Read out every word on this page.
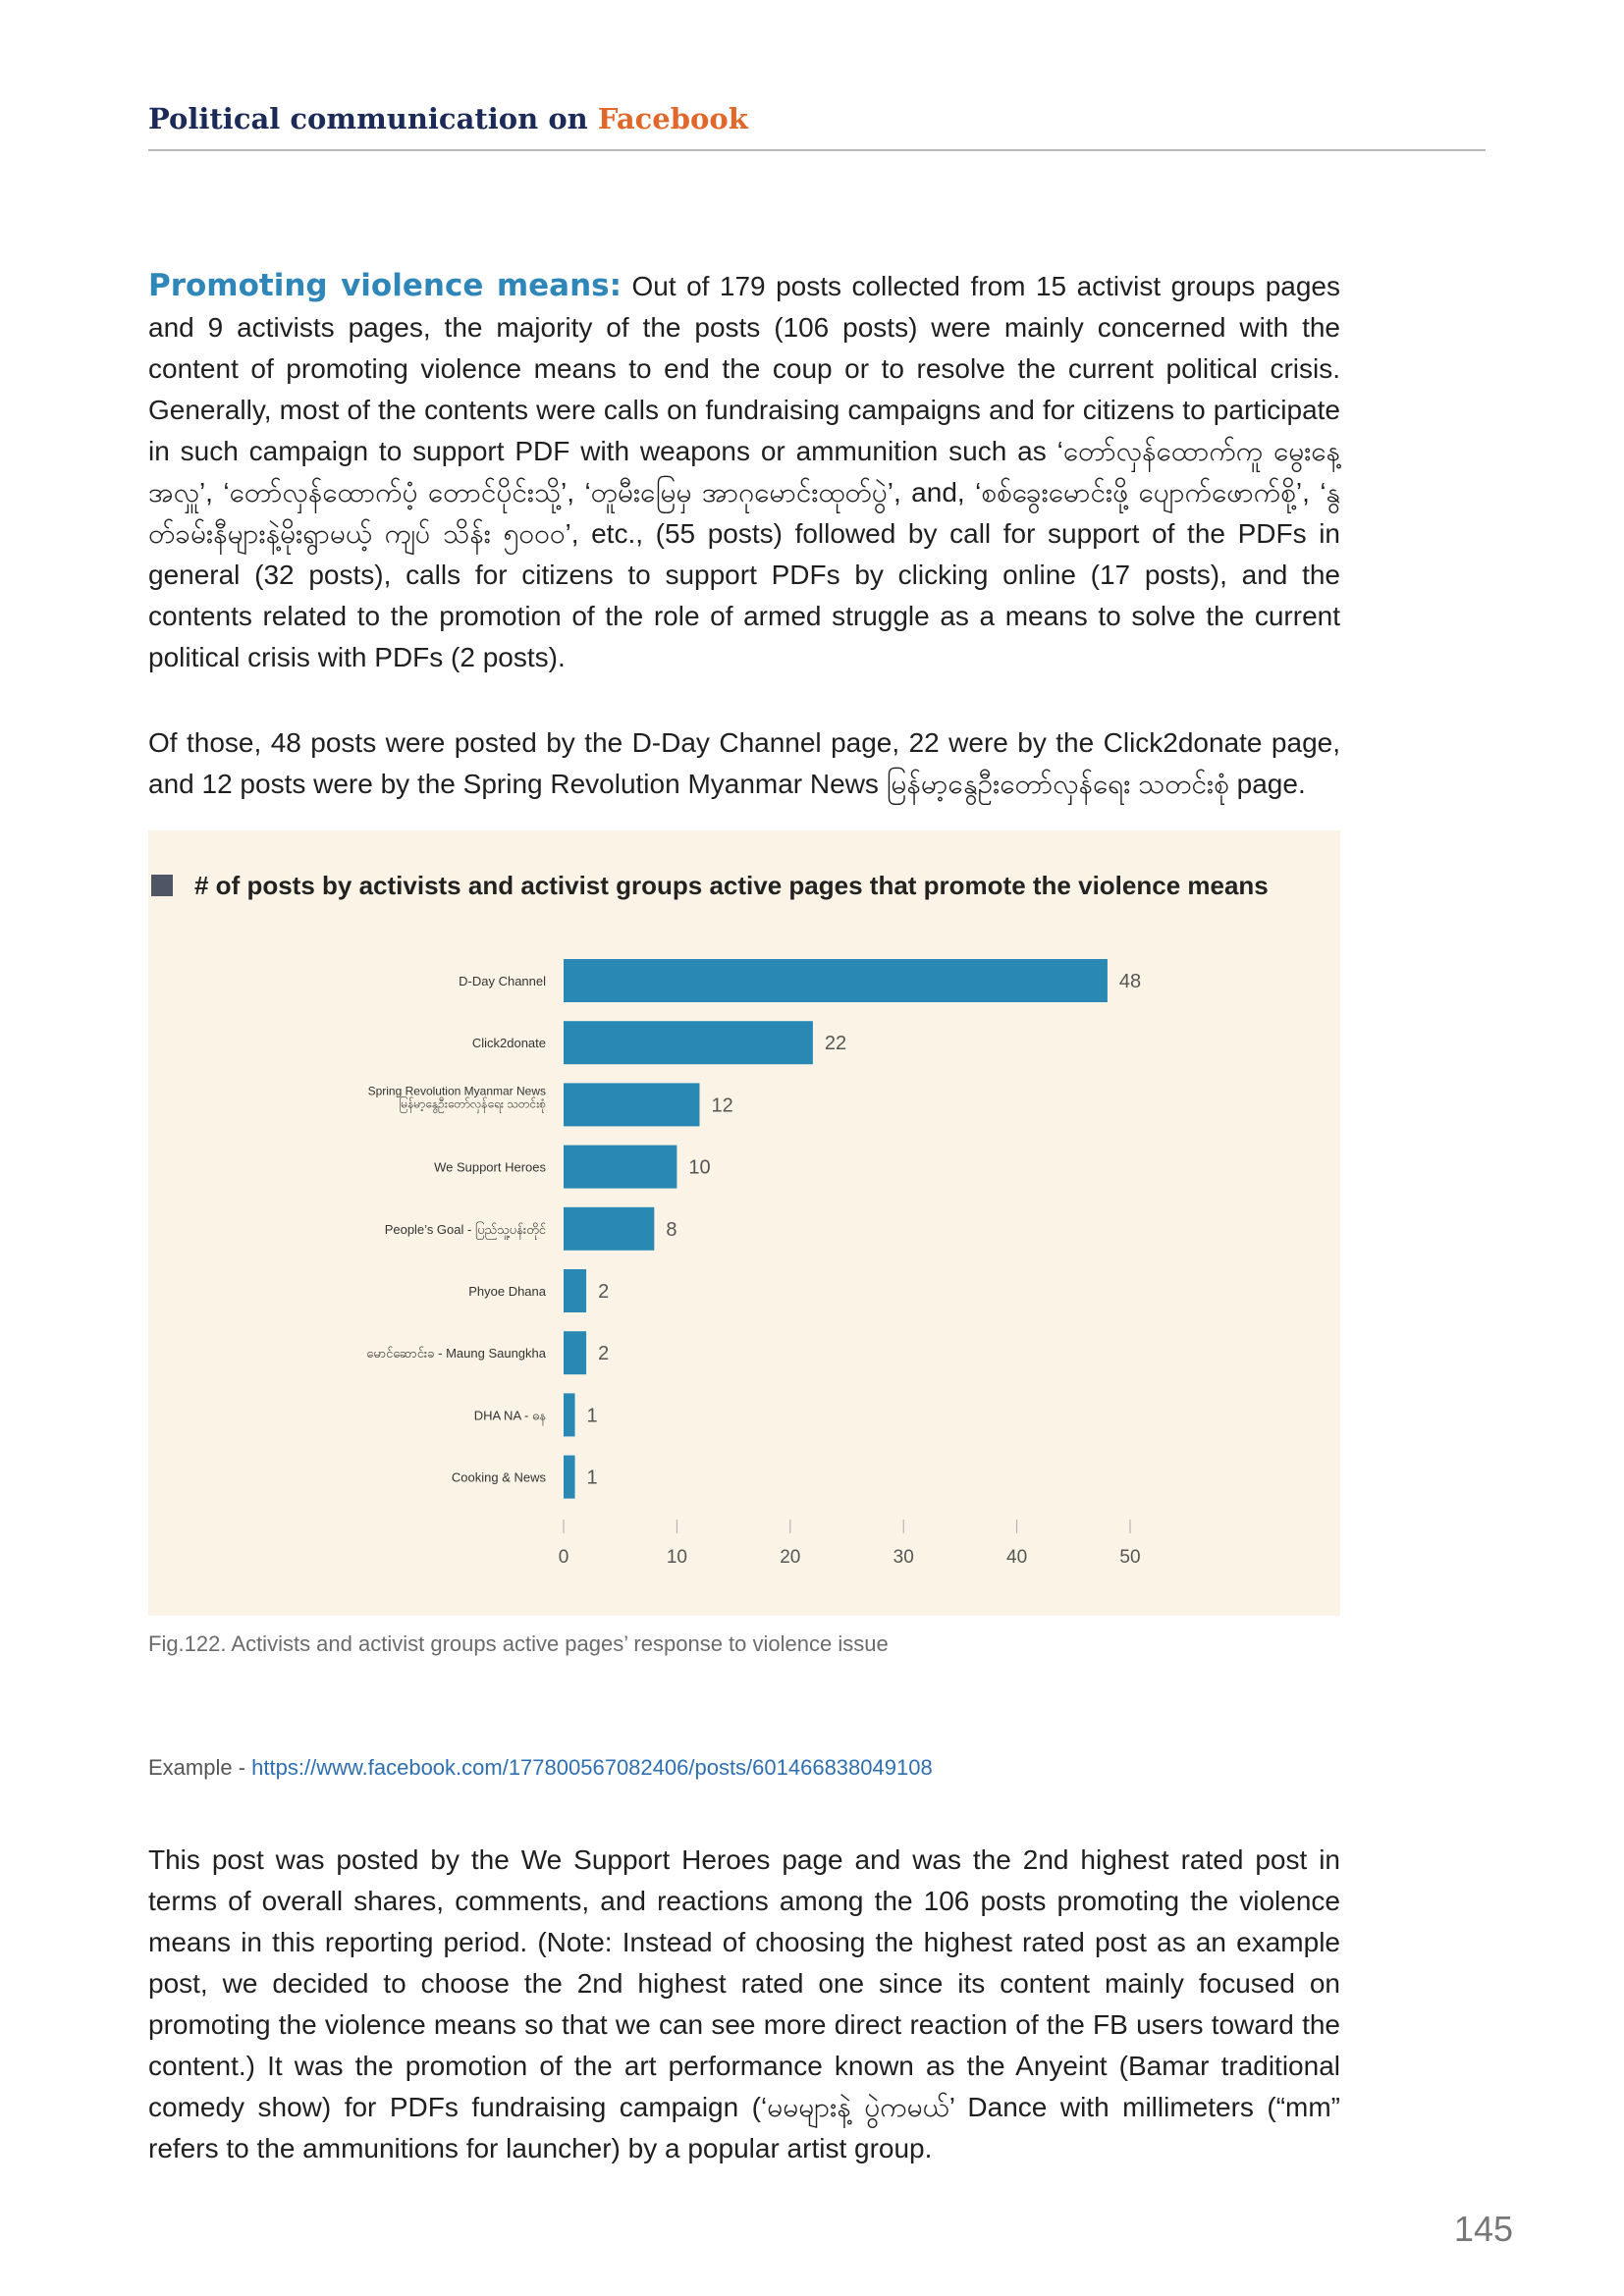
Political communication on Facebook

Promoting violence means: Out of 179 posts collected from 15 activist groups pages and 9 activists pages, the majority of the posts (106 posts) were mainly concerned with the content of promoting violence means to end the coup or to resolve the current political crisis. Generally, most of the contents were calls on fundraising campaigns and for citizens to participate in such campaign to support PDF with weapons or ammunition such as ‘တော်လှန်ထောက်ကူ မွေးနေ့အလှူ’, ‘တော်လှန်ထောက်ပံ့ တောင်ပိုင်းသို့’, ‘တူမီးမြေမှ အာဂုမောင်းထုတ်ပွဲ’, and, ‘စစ်ခွေးမောင်းဖို့ ပျောက်ဖောက်စို့’, ‘နွတ်ခမ်းနီများနဲ့မိုးရွာမယ့် ကျပ် သိန်း ၅၀၀၀’, etc., (55 posts) followed by call for support of the PDFs in general (32 posts), calls for citizens to support PDFs by clicking online (17 posts), and the contents related to the promotion of the role of armed struggle as a means to solve the current political crisis with PDFs (2 posts).

Of those, 48 posts were posted by the D-Day Channel page, 22 were by the Click2donate page, and 12 posts were by the Spring Revolution Myanmar News မြန်မာ့နွေဦးတော်လှန်ရေး သတင်းစုံ page.

# of posts by activists and activist groups active pages that promote the violence means
48
D-Day Channel
22
Click2donate
12
Spring Revolution Myanmar News
မြန်မာ့နွေဦးတော်လှန်ရေး သတင်းစုံ
10
We Support Heroes
8
People’s Goal - ပြည်သူ့ပန်းတိုင်
2
Phyoe Dhana
2
မောင်ဆောင်းခ - Maung Saungkha
1
DHA NA - ဓန
1
Cooking & News
0	10	20	30	40	50
Fig.122. Activists and activist groups active pages’ response to violence issue
Example - https://www.facebook.com/177800567082406/posts/601466838049108

This post was posted by the We Support Heroes page and was the 2nd highest rated post in terms of overall shares, comments, and reactions among the 106 posts promoting the violence means in this reporting period. (Note: Instead of choosing the highest rated post as an example post, we decided to choose the 2nd highest rated one since its content mainly focused on promoting the violence means so that we can see more direct reaction of the FB users toward the content.) It was the promotion of the art performance known as the Anyeint (Bamar traditional comedy show) for PDFs fundraising campaign (‘မမများနဲ့ ပွဲကမယ်’ Dance with millimeters (“mm” refers to the ammunitions for launcher) by a popular artist group.

145
